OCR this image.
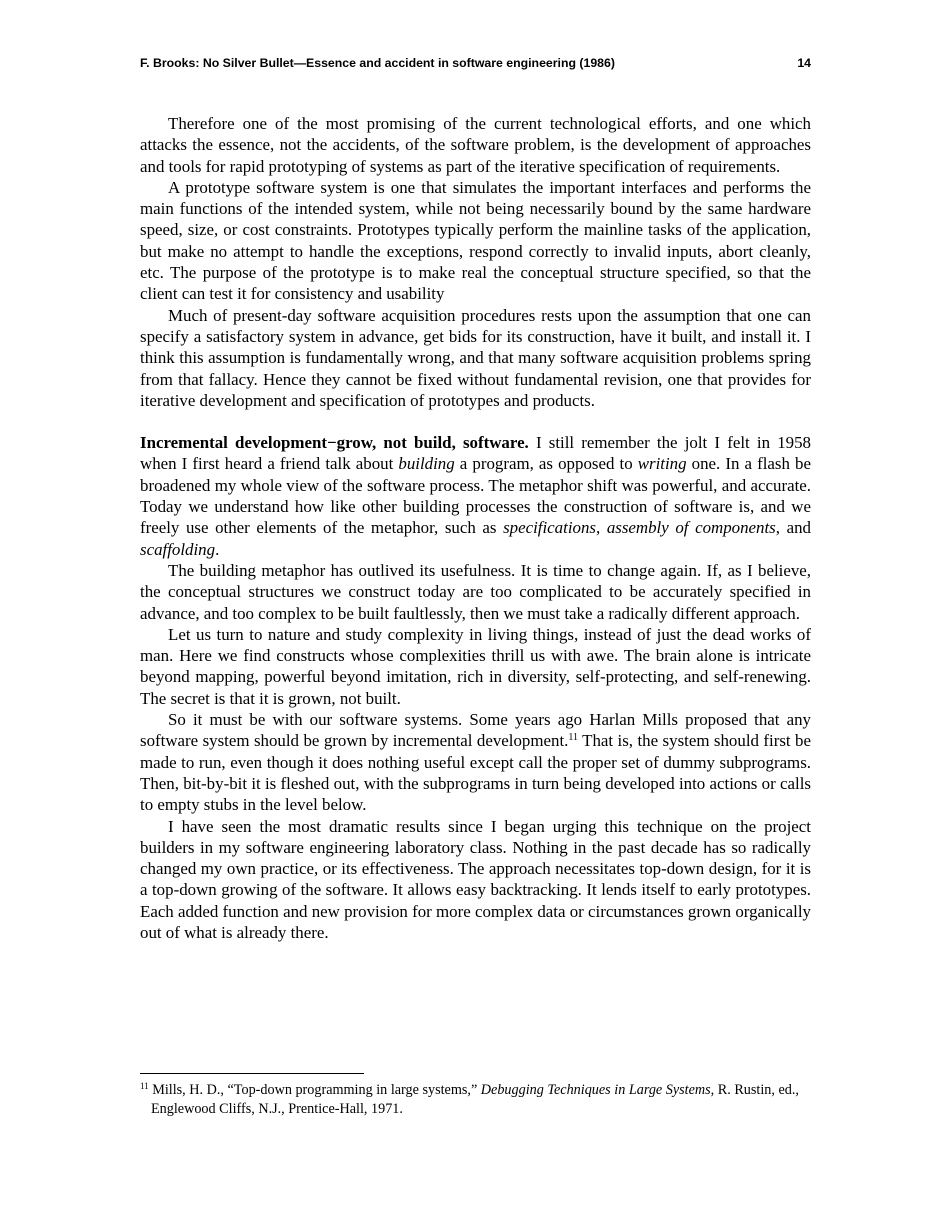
F. Brooks: No Silver Bullet—Essence and accident in software engineering (1986)	14

Therefore one of the most promising of the current technological efforts, and one which attacks the essence, not the accidents, of the software problem, is the development of approaches and tools for rapid prototyping of systems as part of the iterative specification of requirements.

A prototype software system is one that simulates the important interfaces and performs the main functions of the intended system, while not being necessarily bound by the same hardware speed, size, or cost constraints. Prototypes typically perform the mainline tasks of the application, but make no attempt to handle the exceptions, respond correctly to invalid inputs, abort cleanly, etc. The purpose of the prototype is to make real the conceptual structure specified, so that the client can test it for consistency and usability

Much of present-day software acquisition procedures rests upon the assumption that one can specify a satisfactory system in advance, get bids for its construction, have it built, and install it. I think this assumption is fundamentally wrong, and that many software acquisition problems spring from that fallacy. Hence they cannot be fixed without fundamental revision, one that provides for iterative development and specification of prototypes and products.

Incremental development−grow, not build, software. I still remember the jolt I felt in 1958 when I first heard a friend talk about building a program, as opposed to writing one. In a flash be broadened my whole view of the software process. The metaphor shift was powerful, and accurate. Today we understand how like other building processes the construction of software is, and we freely use other elements of the metaphor, such as specifications, assembly of components, and scaffolding.

The building metaphor has outlived its usefulness. It is time to change again. If, as I believe, the conceptual structures we construct today are too complicated to be accurately specified in advance, and too complex to be built faultlessly, then we must take a radically different approach.

Let us turn to nature and study complexity in living things, instead of just the dead works of man. Here we find constructs whose complexities thrill us with awe. The brain alone is intricate beyond mapping, powerful beyond imitation, rich in diversity, self-protecting, and self-renewing. The secret is that it is grown, not built.

So it must be with our software systems. Some years ago Harlan Mills proposed that any software system should be grown by incremental development.$^{11}$ That is, the system should first be made to run, even though it does nothing useful except call the proper set of dummy subprograms. Then, bit-by-bit it is fleshed out, with the subprograms in turn being developed into actions or calls to empty stubs in the level below.

I have seen the most dramatic results since I began urging this technique on the project builders in my software engineering laboratory class. Nothing in the past decade has so radically changed my own practice, or its effectiveness. The approach necessitates top-down design, for it is a top-down growing of the software. It allows easy backtracking. It lends itself to early prototypes. Each added function and new provision for more complex data or circumstances grown organically out of what is already there.

$^{11}$ Mills, H. D., “Top-down programming in large systems,” Debugging Techniques in Large Systems, R. Rustin, ed., Englewood Cliffs, N.J., Prentice-Hall, 1971.
